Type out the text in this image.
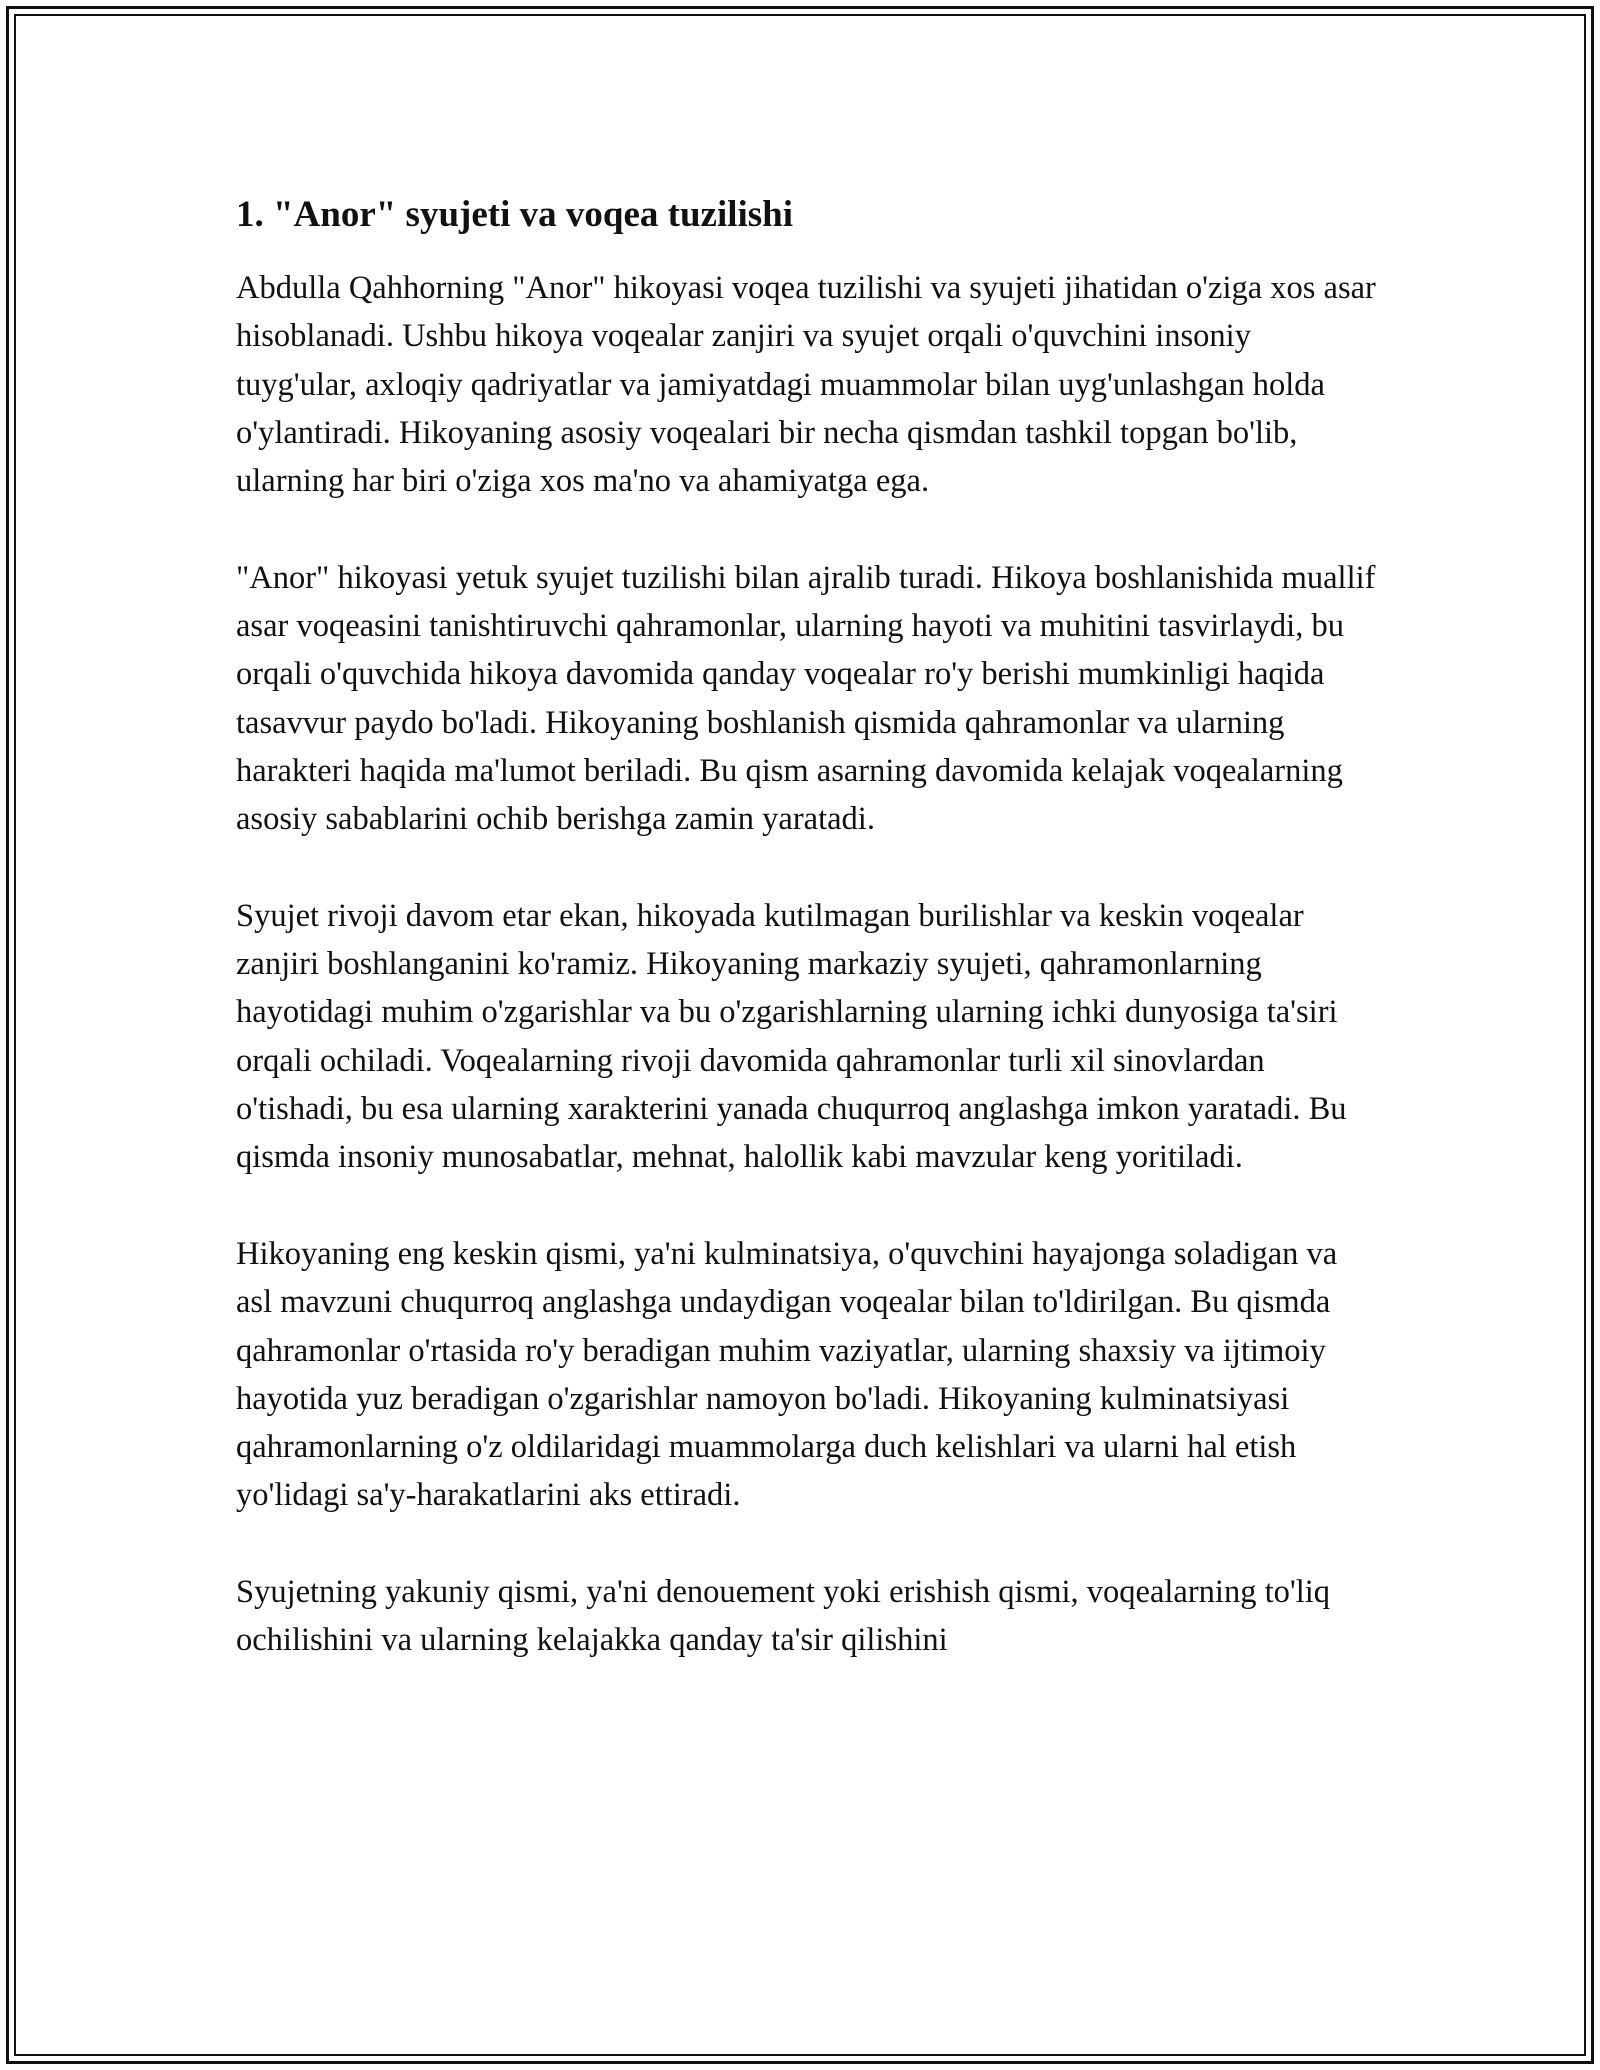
1. "Anor" syujeti va voqea tuzilishi

Abdulla Qahhorning "Anor" hikoyasi voqea tuzilishi va syujeti jihatidan o'ziga xos asar hisoblanadi. Ushbu hikoya voqealar zanjiri va syujet orqali o'quvchini insoniy tuyg'ular, axloqiy qadriyatlar va jamiyatdagi muammolar bilan uyg'unlashgan holda o'ylantiradi. Hikoyaning asosiy voqealari bir necha qismdan tashkil topgan bo'lib, ularning har biri o'ziga xos ma'no va ahamiyatga ega.

"Anor" hikoyasi yetuk syujet tuzilishi bilan ajralib turadi. Hikoya boshlanishida muallif asar voqeasini tanishtiruvchi qahramonlar, ularning hayoti va muhitini tasvirlaydi, bu orqali o'quvchida hikoya davomida qanday voqealar ro'y berishi mumkinligi haqida tasavvur paydo bo'ladi. Hikoyaning boshlanish qismida qahramonlar va ularning harakteri haqida ma'lumot beriladi. Bu qism asarning davomida kelajak voqealarning asosiy sabablarini ochib berishga zamin yaratadi.

Syujet rivoji davom etar ekan, hikoyada kutilmagan burilishlar va keskin voqealar zanjiri boshlanganini ko'ramiz. Hikoyaning markaziy syujeti, qahramonlarning hayotidagi muhim o'zgarishlar va bu o'zgarishlarning ularning ichki dunyosiga ta'siri orqali ochiladi. Voqealarning rivoji davomida qahramonlar turli xil sinovlardan o'tishadi, bu esa ularning xarakterini yanada chuqurroq anglashga imkon yaratadi. Bu qismda insoniy munosabatlar, mehnat, halollik kabi mavzular keng yoritiladi.

Hikoyaning eng keskin qismi, ya'ni kulminatsiya, o'quvchini hayajonga soladigan va asl mavzuni chuqurroq anglashga undaydigan voqealar bilan to'ldirilgan. Bu qismda qahramonlar o'rtasida ro'y beradigan muhim vaziyatlar, ularning shaxsiy va ijtimoiy hayotida yuz beradigan o'zgarishlar namoyon bo'ladi. Hikoyaning kulminatsiyasi qahramonlarning o'z oldilaridagi muammolarga duch kelishlari va ularni hal etish yo'lidagi sa'y-harakatlarini aks ettiradi.

Syujetning yakuniy qismi, ya'ni denouement yoki erishish qismi, voqealarning to'liq ochilishini va ularning kelajakka qanday ta'sir qilishini
